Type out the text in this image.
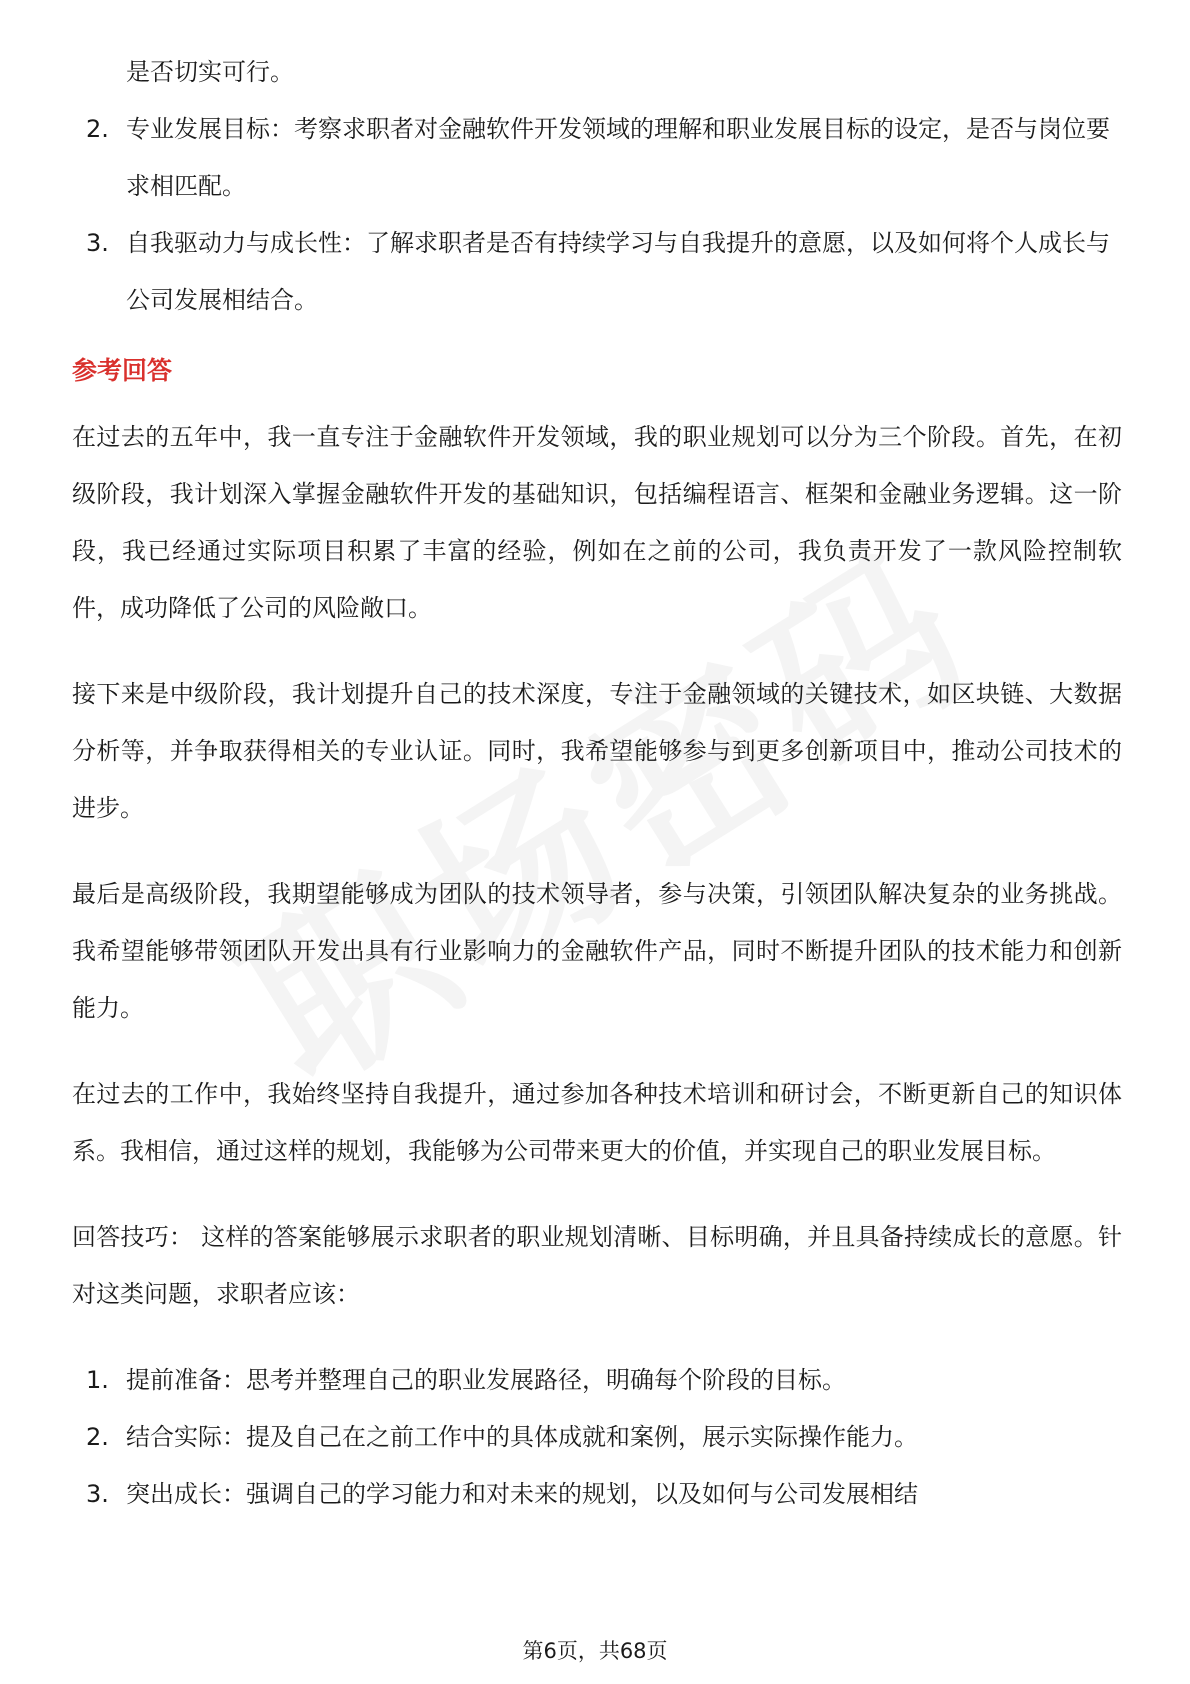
是否切实可行。

2. 专业发展目标：考察求职者对金融软件开发领域的理解和职业发展目标的设定，是否与岗位要求相匹配。
3. 自我驱动力与成长性：了解求职者是否有持续学习与自我提升的意愿，以及如何将个人成长与公司发展相结合。
参考回答

在过去的五年中，我一直专注于金融软件开发领域，我的职业规划可以分为三个阶段。首先，在初级阶段，我计划深入掌握金融软件开发的基础知识，包括编程语言、框架和金融业务逻辑。这一阶段，我已经通过实际项目积累了丰富的经验，例如在之前的公司，我负责开发了一款风险控制软件，成功降低了公司的风险敞口。

接下来是中级阶段，我计划提升自己的技术深度，专注于金融领域的关键技术，如区块链、大数据分析等，并争取获得相关的专业认证。同时，我希望能够参与到更多创新项目中，推动公司技术的进步。

最后是高级阶段，我期望能够成为团队的技术领导者，参与决策，引领团队解决复杂的业务挑战。我希望能够带领团队开发出具有行业影响力的金融软件产品，同时不断提升团队的技术能力和创新能力。

在过去的工作中，我始终坚持自我提升，通过参加各种技术培训和研讨会，不断更新自己的知识体系。我相信，通过这样的规划，我能够为公司带来更大的价值，并实现自己的职业发展目标。

回答技巧： 这样的答案能够展示求职者的职业规划清晰、目标明确，并且具备持续成长的意愿。针对这类问题，求职者应该：

1. 提前准备：思考并整理自己的职业发展路径，明确每个阶段的目标。
2. 结合实际：提及自己在之前工作中的具体成就和案例，展示实际操作能力。
3. 突出成长：强调自己的学习能力和对未来的规划，以及如何与公司发展相结
第6页，共68页
